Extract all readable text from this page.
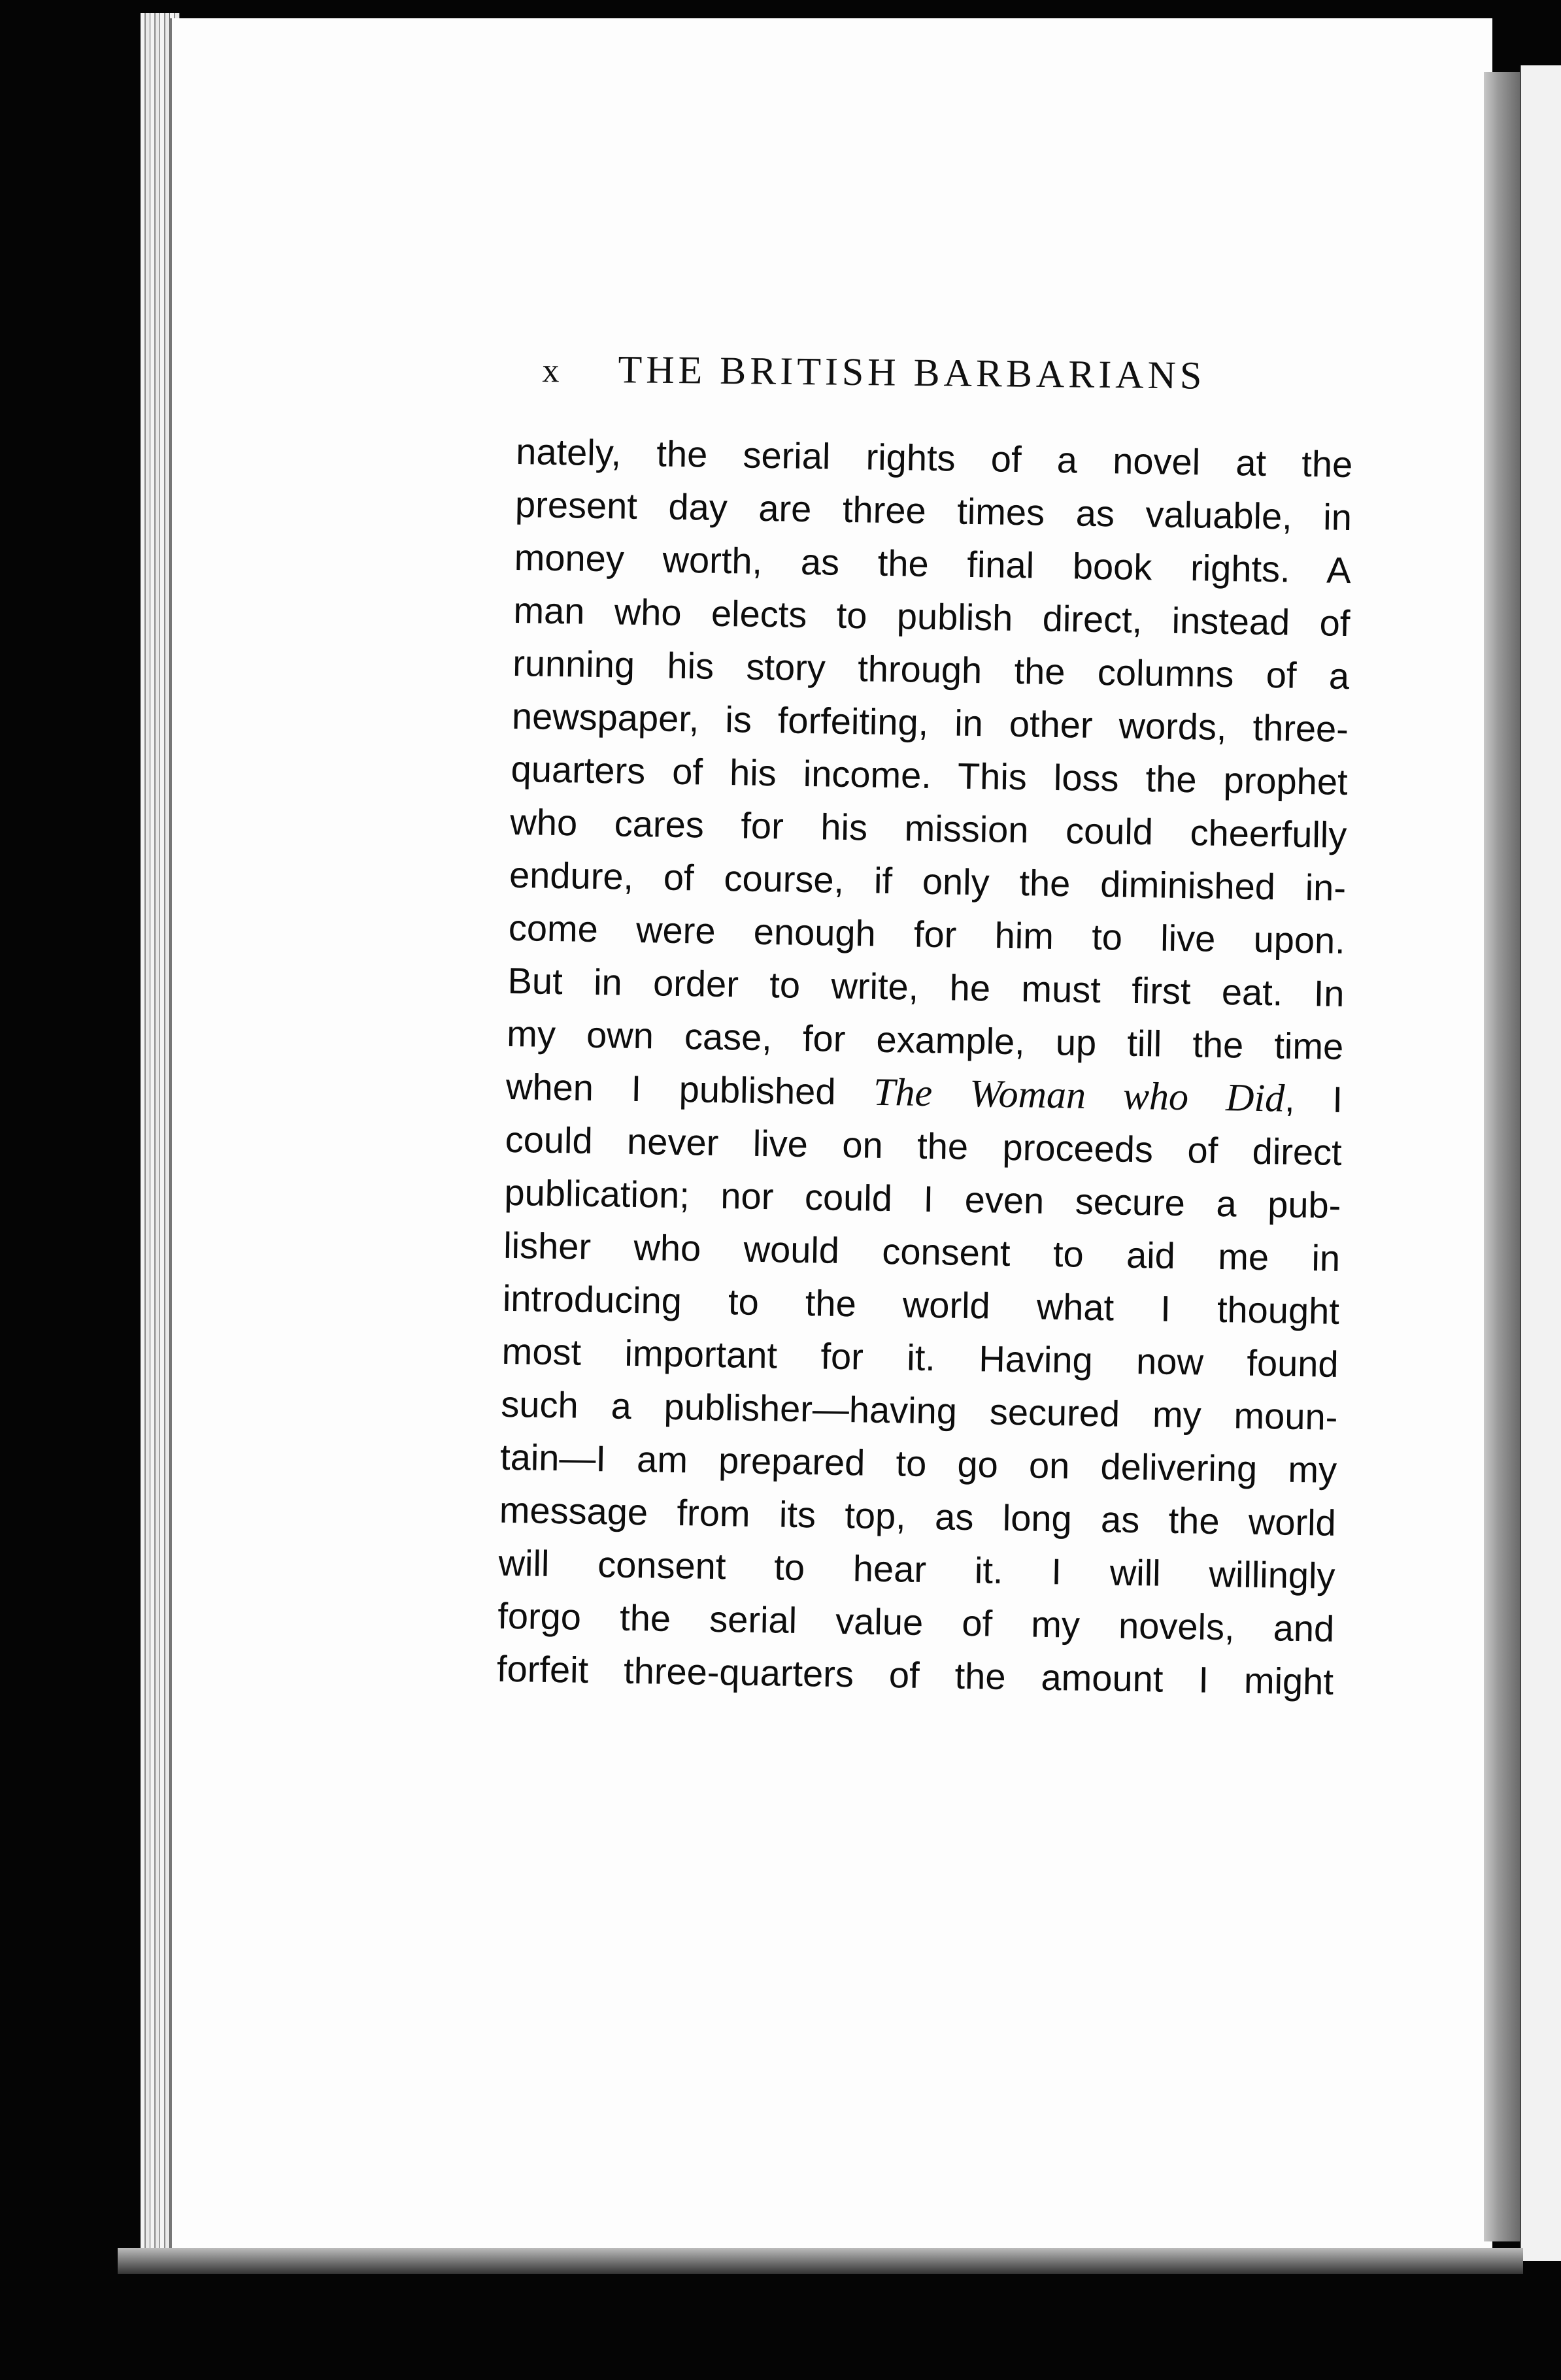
x THE BRITISH BARBARIANS
nately, the serial rights of a novel at the
present day are three times as valuable, in
money worth, as the final book rights. A
man who elects to publish direct, instead of
running his story through the columns of a
newspaper, is forfeiting, in other words, three-
quarters of his income. This loss the prophet
who cares for his mission could cheerfully
endure, of course, if only the diminished in-
come were enough for him to live upon.
But in order to write, he must first eat. In
my own case, for example, up till the time
when I published The Woman who Did, I
could never live on the proceeds of direct
publication; nor could I even secure a pub-
lisher who would consent to aid me in
introducing to the world what I thought
most important for it. Having now found
such a publisher—having secured my moun-
tain—I am prepared to go on delivering my
message from its top, as long as the world
will consent to hear it. I will willingly
forgo the serial value of my novels, and
forfeit three-quarters of the amount I might
